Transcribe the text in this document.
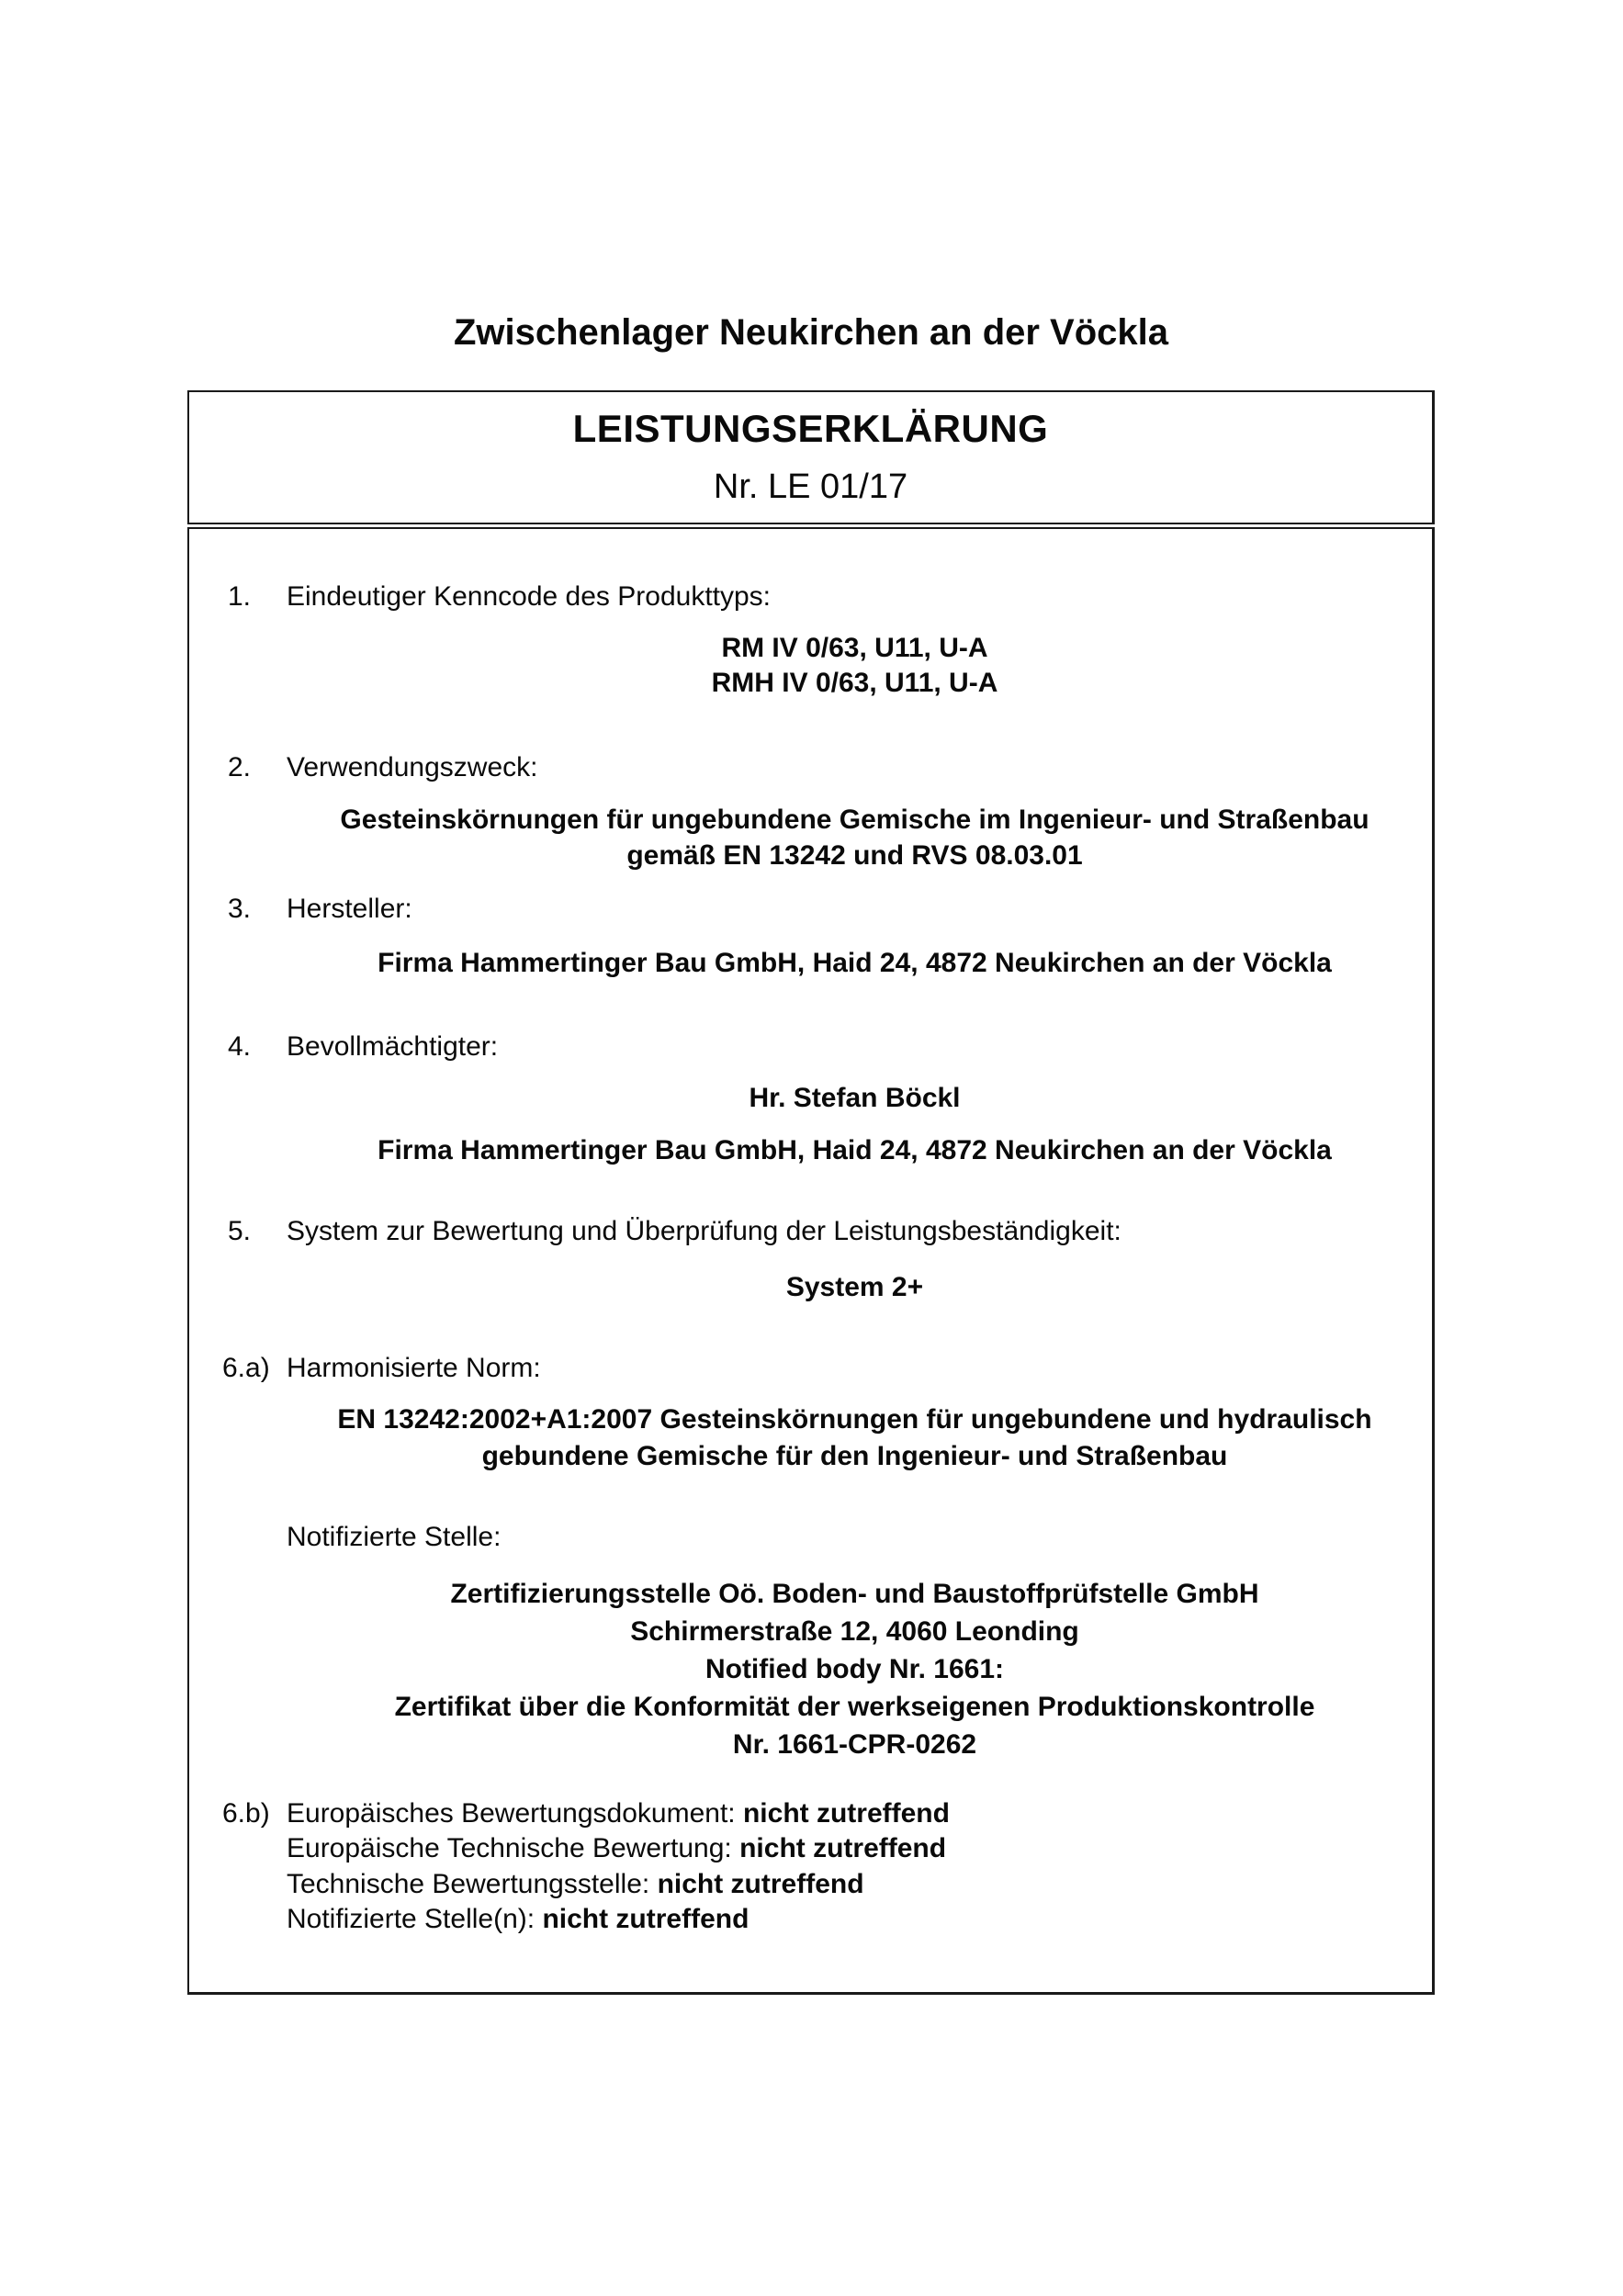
Zwischenlager Neukirchen an der Vöckla
LEISTUNGSERKLÄRUNG
Nr. LE 01/17
1.	Eindeutiger Kenncode des Produkttyps:
RM IV 0/63, U11, U-A
RMH IV 0/63, U11, U-A
2.	Verwendungszweck:
Gesteinskörnungen für ungebundene Gemische im Ingenieur- und Straßenbau
gemäß EN 13242 und RVS 08.03.01
3.	Hersteller:
Firma Hammertinger Bau GmbH, Haid 24, 4872 Neukirchen an der Vöckla
4.	Bevollmächtigter:
Hr. Stefan Böckl
Firma Hammertinger Bau GmbH, Haid 24, 4872 Neukirchen an der Vöckla
5.	System zur Bewertung und Überprüfung der Leistungsbeständigkeit:
System 2+
6.a) Harmonisierte Norm:
EN 13242:2002+A1:2007 Gesteinskörnungen für ungebundene und hydraulisch
gebundene Gemische für den Ingenieur- und Straßenbau
Notifizierte Stelle:
Zertifizierungsstelle Oö. Boden- und Baustoffprüfstelle GmbH
Schirmerstraße 12, 4060 Leonding
Notified body Nr. 1661:
Zertifikat über die Konformität der werkseigenen Produktionskontrolle
Nr. 1661-CPR-0262
6.b) Europäisches Bewertungsdokument: nicht zutreffend
Europäische Technische Bewertung: nicht zutreffend
Technische Bewertungsstelle: nicht zutreffend
Notifizierte Stelle(n): nicht zutreffend
